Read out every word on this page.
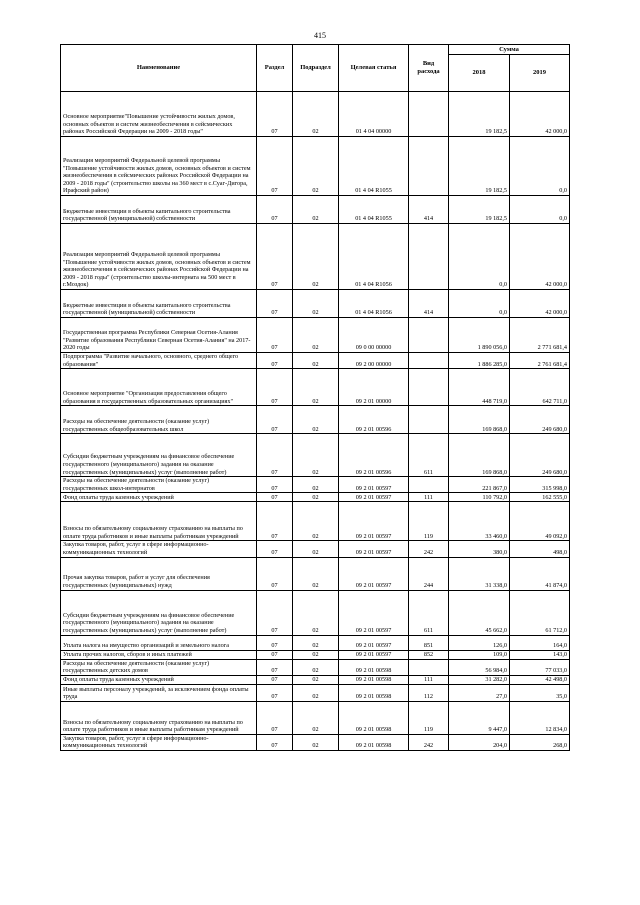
415
Наименование	Раздел	Подраздел	Целевая статья	Вид расхода	Сумма	
					2018	2019
Основное мероприятие"Повышение устойчивости жилых домов, основных объектов и систем жизнеобеспечения в сейсмических районах Российской Федерации на 2009 - 2018 годы"	07	02	01 4 04 00000		19 182,5	42 000,0
Реализация мероприятий Федеральной целевой программы "Повышение устойчивости жилых домов, основных объектов и систем жизнеобеспечения в сейсмических районах Российской Федерации на 2009 - 2018 годы" (строительство школы на 360 мест в с.Суаг-Дигора, Ирафский район)	07	02	01 4 04 R1055		19 182,5	0,0
Бюджетные инвестиции в объекты капитального строительства государственной (муниципальной) собственности	07	02	01 4 04 R1055	414	19 182,5	0,0
Реализация мероприятий Федеральной целевой программы "Повышение устойчивости жилых домов, основных объектов и систем жизнеобеспечения в сейсмических районах Российской Федерации на 2009 - 2018 годы" (строительство школы-интерната на 500 мест в г.Моздок)	07	02	01 4 04 R1056		0,0	42 000,0
Бюджетные инвестиции в объекты капитального строительства государственной (муниципальной) собственности	07	02	01 4 04 R1056	414	0,0	42 000,0
Государственная программа Республики Северная Осетия-Алания "Развитие образования Республики Северная Осетия-Алания" на 2017-2020 годы	07	02	09 0 00 00000		1 890 056,0	2 771 681,4
Подпрограмма "Развитие начального, основного, среднего общего образования"	07	02	09 2 00 00000		1 886 285,0	2 761 681,4
Основное мероприятие "Организация предоставления общего образования в государственных образовательных организациях"	07	02	09 2 01 00000		448 719,0	642 711,0
Расходы на обеспечение деятельности (оказание услуг) государственных общеобразовательных школ	07	02	09 2 01 00596		169 868,0	249 680,0
Субсидии бюджетным учреждениям на финансовое обеспечение государственного (муниципального) задания на оказание государственных (муниципальных) услуг (выполнение работ)	07	02	09 2 01 00596	611	169 868,0	249 680,0
Расходы на обеспечение деятельности (оказание услуг) государственных школ-интернатов	07	02	09 2 01 00597		221 867,0	315 998,0
Фонд оплаты труда казенных учреждений	07	02	09 2 01 00597	111	110 792,0	162 555,0
Взносы по обязательному социальному страхованию на выплаты по оплате труда работников и иные выплаты работникам учреждений	07	02	09 2 01 00597	119	33 460,0	49 092,0
Закупка товаров, работ, услуг в сфере информационно-коммуникационных технологий	07	02	09 2 01 00597	242	380,0	498,0
Прочая закупка товаров, работ и услуг для обеспечения государственных (муниципальных) нужд	07	02	09 2 01 00597	244	31 338,0	41 874,0
Субсидии бюджетным учреждениям на финансовое обеспечение государственного (муниципального) задания на оказание государственных (муниципальных) услуг (выполнение работ)	07	02	09 2 01 00597	611	45 662,0	61 712,0
Уплата налога на имущество организаций и земельного налога	07	02	09 2 01 00597	851	126,0	164,0
Уплата прочих налогов, сборов и иных платежей	07	02	09 2 01 00597	852	109,0	143,0
Расходы на обеспечение деятельности (оказание услуг) государственных детских домов	07	02	09 2 01 00598		56 984,0	77 033,0
Фонд оплаты труда казенных учреждений	07	02	09 2 01 00598	111	31 282,0	42 498,0
Иные выплаты персоналу учреждений, за исключением фонда оплаты труда	07	02	09 2 01 00598	112	27,0	35,0
Взносы по обязательному социальному страхованию на выплаты по оплате труда работников и иные выплаты работникам учреждений	07	02	09 2 01 00598	119	9 447,0	12 834,0
Закупка товаров, работ, услуг в сфере информационно-коммуникационных технологий	07	02	09 2 01 00598	242	204,0	268,0
